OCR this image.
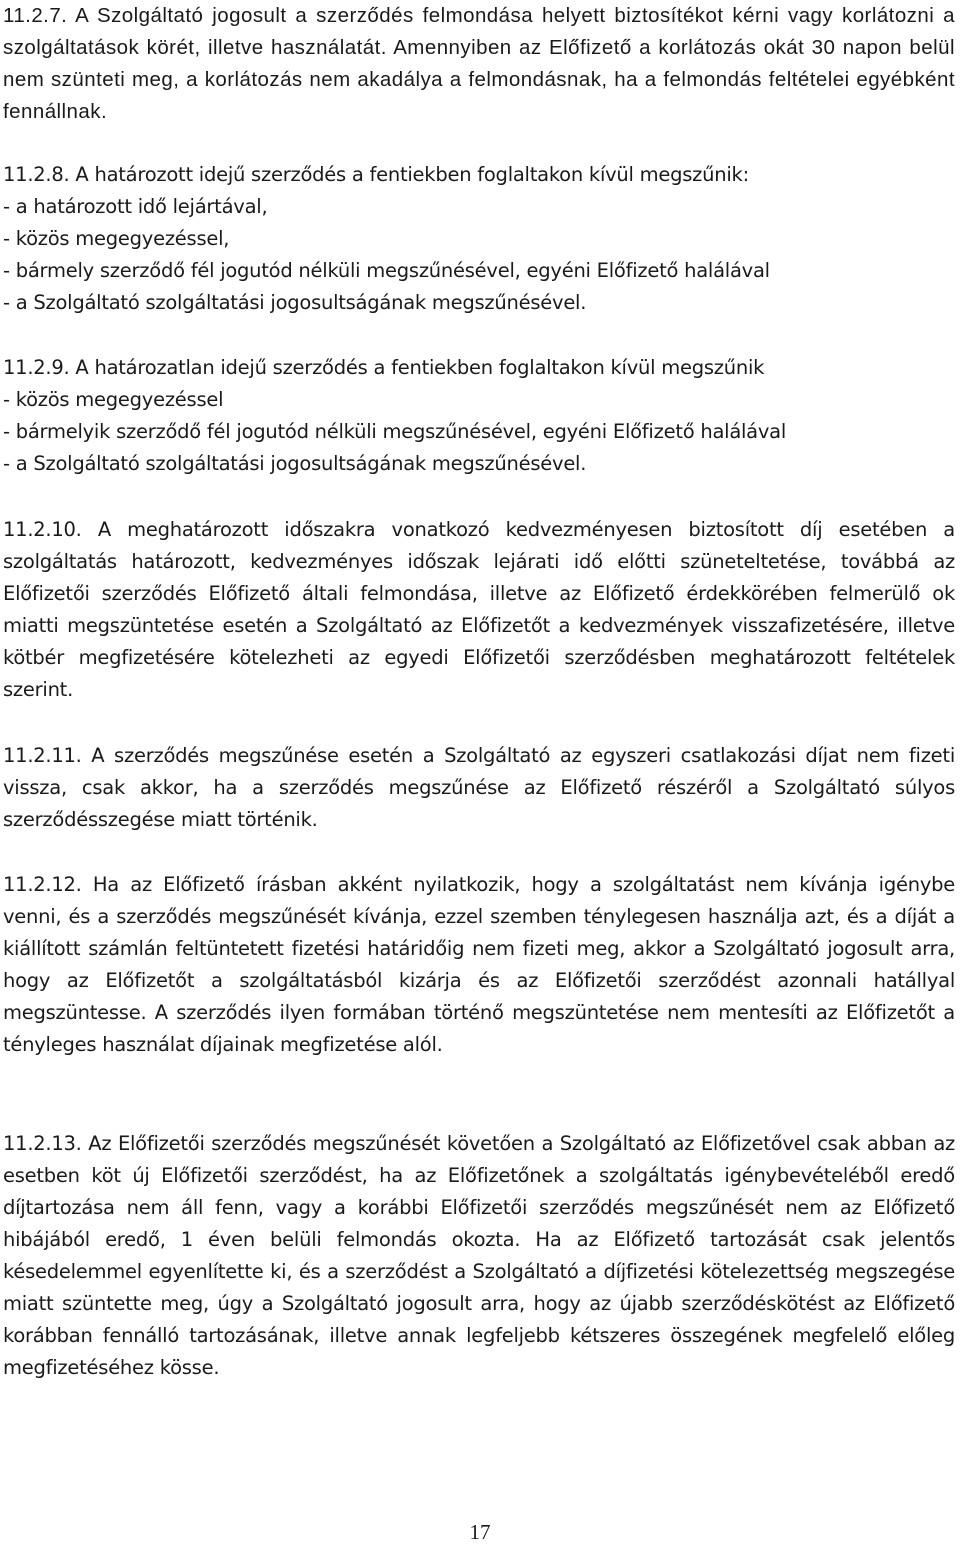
11.2.7. A Szolgáltató jogosult a szerződés felmondása helyett biztosítékot kérni vagy korlátozni a szolgáltatások körét, illetve használatát. Amennyiben az Előfizető a korlátozás okát 30 napon belül nem szünteti meg, a korlátozás nem akadálya a felmondásnak, ha a felmondás feltételei egyébként fennállnak.

11.2.8. A határozott idejű szerződés a fentiekben foglaltakon kívül megszűnik:
- a határozott idő lejártával,
- közös megegyezéssel,
- bármely szerződő fél jogutód nélküli megszűnésével, egyéni Előfizető halálával
- a Szolgáltató szolgáltatási jogosultságának megszűnésével.
11.2.9. A határozatlan idejű szerződés a fentiekben foglaltakon kívül megszűnik
- közös megegyezéssel
- bármelyik szerződő fél jogutód nélküli megszűnésével, egyéni Előfizető halálával
- a Szolgáltató szolgáltatási jogosultságának megszűnésével.

11.2.10. A meghatározott időszakra vonatkozó kedvezményesen biztosított díj esetében a szolgáltatás határozott, kedvezményes időszak lejárati idő előtti szüneteltetése, továbbá az Előfizetői szerződés Előfizető általi felmondása, illetve az Előfizető érdekkörében felmerülő ok miatti megszüntetése esetén a Szolgáltató az Előfizetőt a kedvezmények visszafizetésére, illetve kötbér megfizetésére kötelezheti az egyedi Előfizetői szerződésben meghatározott feltételek szerint.

11.2.11. A szerződés megszűnése esetén a Szolgáltató az egyszeri csatlakozási díjat nem fizeti vissza, csak akkor, ha a szerződés megszűnése az Előfizető részéről a Szolgáltató súlyos szerződésszegése miatt történik.

11.2.12. Ha az Előfizető írásban akként nyilatkozik, hogy a szolgáltatást nem kívánja igénybe venni, és a szerződés megszűnését kívánja, ezzel szemben ténylegesen használja azt, és a díját a kiállított számlán feltüntetett fizetési határidőig nem fizeti meg, akkor a Szolgáltató jogosult arra, hogy az Előfizetőt a szolgáltatásból kizárja és az Előfizetői szerződést azonnali hatállyal megszüntesse. A szerződés ilyen formában történő megszüntetése nem mentesíti az Előfizetőt a tényleges használat díjainak megfizetése alól.

11.2.13. Az Előfizetői szerződés megszűnését követően a Szolgáltató az Előfizetővel csak abban az esetben köt új Előfizetői szerződést, ha az Előfizetőnek a szolgáltatás igénybevételéből eredő díjtartozása nem áll fenn, vagy a korábbi Előfizetői szerződés megszűnését nem az Előfizető hibájából eredő, 1 éven belüli felmondás okozta. Ha az Előfizető tartozását csak jelentős késedelemmel egyenlítette ki, és a szerződést a Szolgáltató a díjfizetési kötelezettség megszegése miatt szüntette meg, úgy a Szolgáltató jogosult arra, hogy az újabb szerződéskötést az Előfizető korábban fennálló tartozásának, illetve annak legfeljebb kétszeres összegének megfelelő előleg megfizetéséhez kösse.

17
